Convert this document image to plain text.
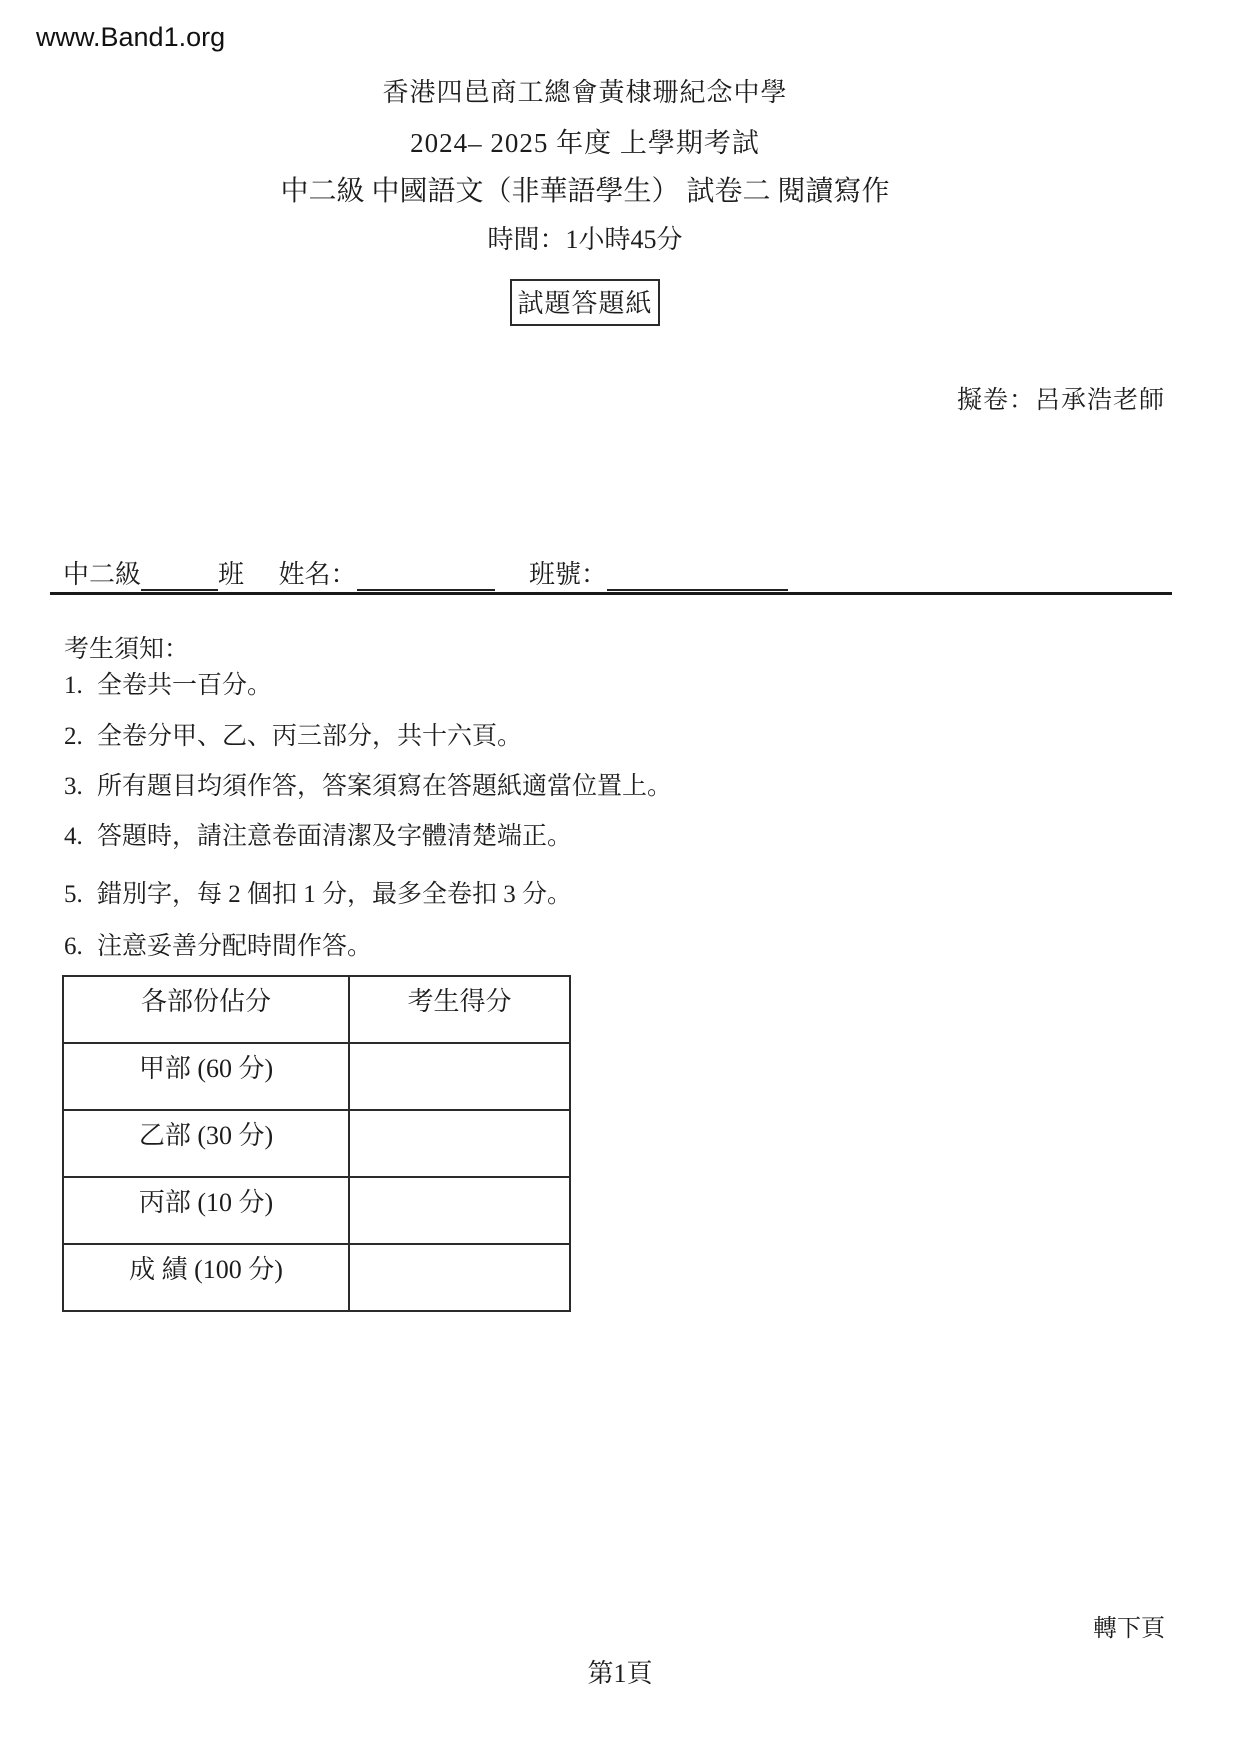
www.Band1.org
香港四邑商工總會黃棣珊紀念中學
2024– 2025 年度 上學期考試
中二級 中國語文（非華語學生） 試卷二 閱讀寫作
時間：1小時45分
試題答題紙
擬卷：呂承浩老師
中二級	班 姓名：	班號：
考生須知：
1. 全卷共一百分。
2. 全卷分甲、乙、丙三部分，共十六頁。
3. 所有題目均須作答，答案須寫在答題紙適當位置上。
4. 答題時，請注意卷面清潔及字體清楚端正。
5. 錯別字，每 2 個扣 1 分，最多全卷扣 3 分。
6. 注意妥善分配時間作答。
各部份佔分	考生得分
甲部 (60 分)	
乙部 (30 分)	
丙部 (10 分)	
成 績 (100 分)	
轉下頁
第1頁
